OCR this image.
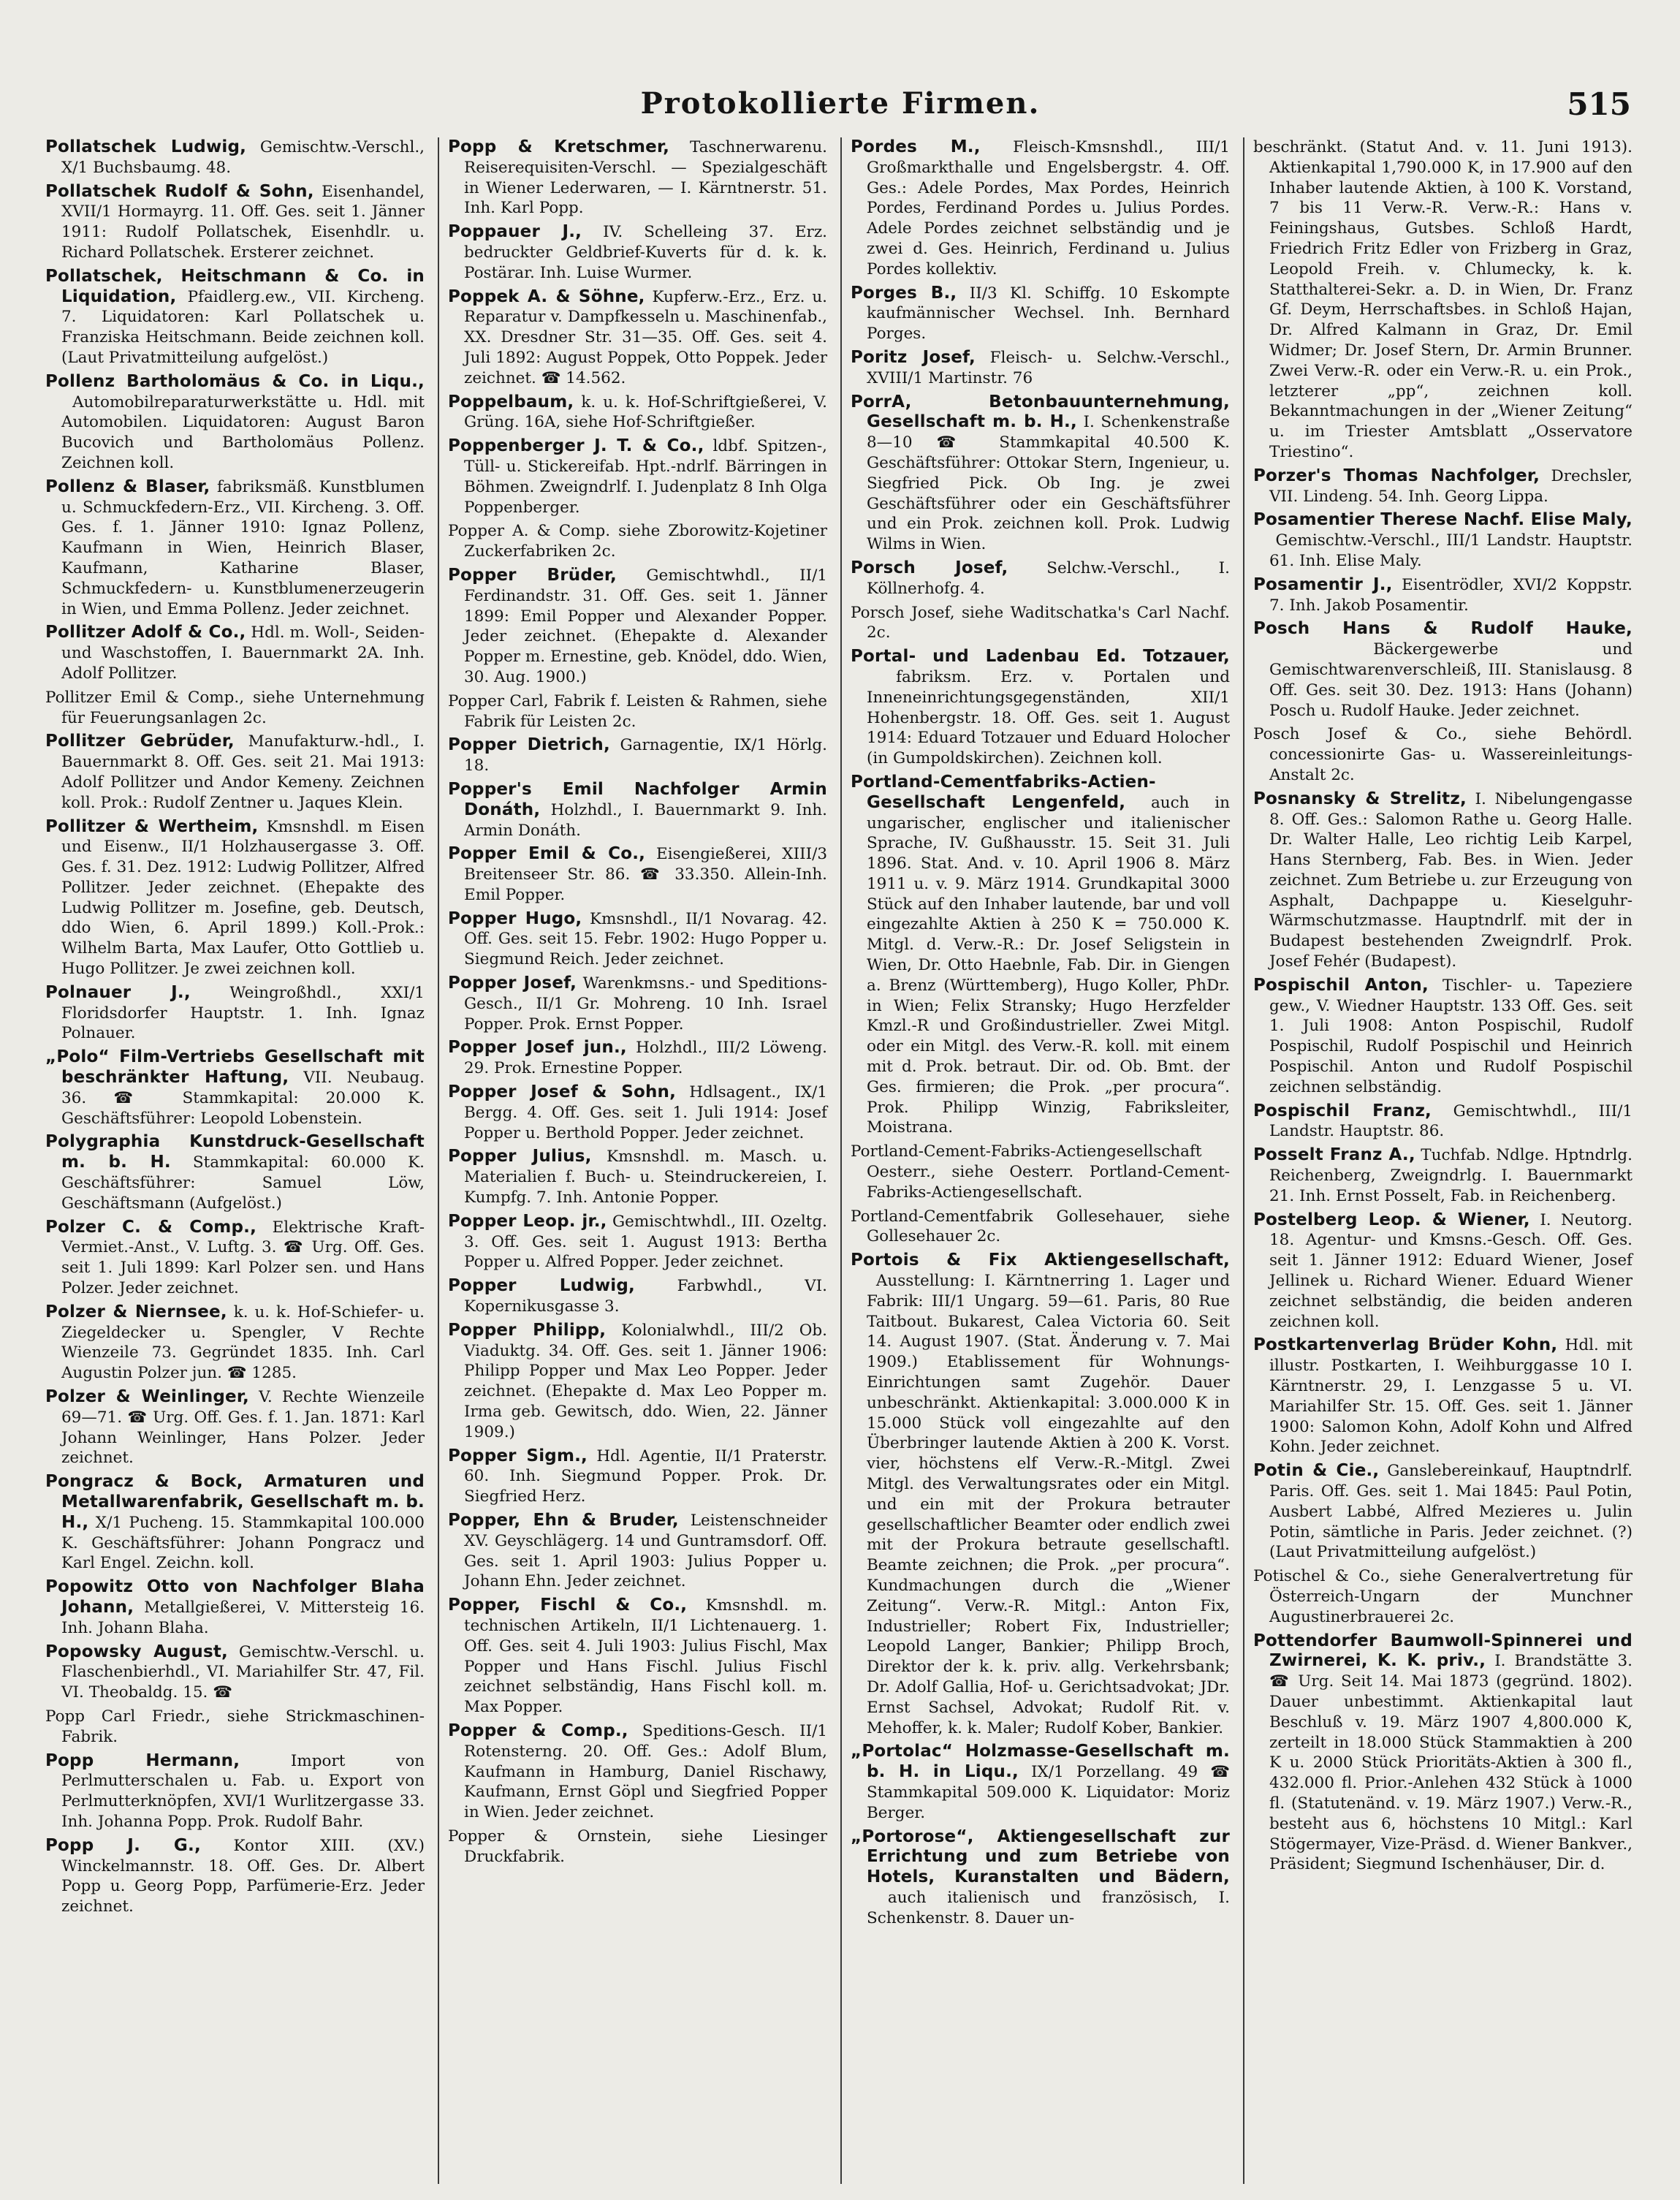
Protokollierte Firmen.	515

Pollatschek Ludwig, Gemischtw.-Verschl., X/1 Buchsbaumg. 48.

Pollatschek Rudolf & Sohn, Eisenhandel, XVII/1 Hormayrg. 11. Off. Ges. seit 1. Jänner 1911: Rudolf Pollatschek, Eisenhdlr. u. Richard Pollatschek. Ersterer zeichnet.

Pollatschek, Heitschmann & Co. in Liquidation, Pfaidlerg.ew., VII. Kircheng. 7. Liquidatoren: Karl Pollatschek u. Franziska Heitschmann. Beide zeichnen koll. (Laut Privatmitteilung aufgelöst.)

Pollenz Bartholomäus & Co. in Liqu., Automobilreparaturwerkstätte u. Hdl. mit Automobilen. Liquidatoren: August Baron Bucovich und Bartholomäus Pollenz. Zeichnen koll.

Pollenz & Blaser, fabriksmäß. Kunstblumen u. Schmuckfedern-Erz., VII. Kircheng. 3. Off. Ges. f. 1. Jänner 1910: Ignaz Pollenz, Kaufmann in Wien, Heinrich Blaser, Kaufmann, Katharine Blaser, Schmuckfedern- u. Kunstblumenerzeugerin in Wien, und Emma Pollenz. Jeder zeichnet.

Pollitzer Adolf & Co., Hdl. m. Woll-, Seiden- und Waschstoffen, I. Bauernmarkt 2A. Inh. Adolf Pollitzer.

Pollitzer Emil & Comp., siehe Unternehmung für Feuerungsanlagen 2c.

Pollitzer Gebrüder, Manufakturw.-hdl., I. Bauernmarkt 8. Off. Ges. seit 21. Mai 1913: Adolf Pollitzer und Andor Kemeny. Zeichnen koll. Prok.: Rudolf Zentner u. Jaques Klein.

Pollitzer & Wertheim, Kmsnshdl. m Eisen und Eisenw., II/1 Holzhausergasse 3. Off. Ges. f. 31. Dez. 1912: Ludwig Pollitzer, Alfred Pollitzer. Jeder zeichnet. (Ehepakte des Ludwig Pollitzer m. Josefine, geb. Deutsch, ddo Wien, 6. April 1899.) Koll.-Prok.: Wilhelm Barta, Max Laufer, Otto Gottlieb u. Hugo Pollitzer. Je zwei zeichnen koll.

Polnauer J., Weingroßhdl., XXI/1 Floridsdorfer Hauptstr. 1. Inh. Ignaz Polnauer.

„Polo“ Film-Vertriebs Gesellschaft mit beschränkter Haftung, VII. Neubaug. 36. ☎ Stammkapital: 20.000 K. Geschäftsführer: Leopold Lobenstein.

Polygraphia Kunstdruck-Gesellschaft m. b. H. Stammkapital: 60.000 K. Geschäftsführer: Samuel Löw, Geschäftsmann (Aufgelöst.)

Polzer C. & Comp., Elektrische Kraft-Vermiet.-Anst., V. Luftg. 3. ☎ Urg. Off. Ges. seit 1. Juli 1899: Karl Polzer sen. und Hans Polzer. Jeder zeichnet.

Polzer & Niernsee, k. u. k. Hof-Schiefer- u. Ziegeldecker u. Spengler, V Rechte Wienzeile 73. Gegründet 1835. Inh. Carl Augustin Polzer jun. ☎ 1285.

Polzer & Weinlinger, V. Rechte Wienzeile 69—71. ☎ Urg. Off. Ges. f. 1. Jan. 1871: Karl Johann Weinlinger, Hans Polzer. Jeder zeichnet.

Pongracz & Bock, Armaturen und Metallwarenfabrik, Gesellschaft m. b. H., X/1 Pucheng. 15. Stammkapital 100.000 K. Geschäftsführer: Johann Pongracz und Karl Engel. Zeichn. koll.

Popowitz Otto von Nachfolger Blaha Johann, Metallgießerei, V. Mittersteig 16. Inh. Johann Blaha.

Popowsky August, Gemischtw.-Verschl. u. Flaschenbierhdl., VI. Mariahilfer Str. 47, Fil. VI. Theobaldg. 15. ☎

Popp Carl Friedr., siehe Strickmaschinen-Fabrik.

Popp Hermann,	Import von Perlmutterschalen u. Fab. u. Export von Perlmutterknöpfen, XVI/1 Wurlitzergasse 33. Inh. Johanna Popp. Prok. Rudolf Bahr.

Popp J. G., Kontor XIII. (XV.) Winckelmannstr. 18. Off. Ges. Dr. Albert Popp u. Georg Popp, Parfümerie-Erz. Jeder zeichnet.

Popp & Kretschmer, Taschnerwarenu. Reiserequisiten-Verschl. — Spezialgeschäft in Wiener Lederwaren, — I. Kärntnerstr. 51. Inh. Karl Popp.

Poppauer J., IV. Schelleing 37. Erz. bedruckter Geldbrief-Kuverts für d. k. k. Postärar. Inh. Luise Wurmer.

Poppek A. & Söhne, Kupferw.-Erz., Erz. u. Reparatur v. Dampfkesseln u. Maschinenfab., XX. Dresdner Str. 31—35. Off. Ges. seit 4. Juli 1892: August Poppek, Otto Poppek. Jeder zeichnet. ☎ 14.562.

Poppelbaum, k. u. k. Hof-Schriftgießerei, V. Grüng. 16A, siehe Hof-Schriftgießer.

Poppenberger J. T. & Co., ldbf. Spitzen-, Tüll- u. Stickereifab. Hpt.-ndrlf. Bärringen in Böhmen. Zweigndrlf. I. Judenplatz 8 Inh Olga Poppenberger.

Popper A. & Comp. siehe Zborowitz-Kojetiner Zuckerfabriken 2c.

Popper Brüder, Gemischtwhdl., II/1 Ferdinandstr. 31. Off. Ges. seit 1. Jänner 1899: Emil Popper und Alexander Popper. Jeder zeichnet. (Ehepakte d. Alexander Popper m. Ernestine, geb. Knödel, ddo. Wien, 30. Aug. 1900.)

Popper Carl, Fabrik f. Leisten & Rahmen, siehe Fabrik für Leisten 2c.

Popper Dietrich, Garnagentie, IX/1 Hörlg. 18.

Popper's Emil Nachfolger Armin Donáth, Holzhdl., I. Bauernmarkt 9. Inh. Armin Donáth.

Popper Emil & Co., Eisengießerei, XIII/3 Breitenseer Str. 86. ☎ 33.350. Allein-Inh. Emil Popper.

Popper Hugo, Kmsnshdl., II/1 Novarag. 42. Off. Ges. seit 15. Febr. 1902: Hugo Popper u. Siegmund Reich. Jeder zeichnet.

Popper Josef, Warenkmsns.- und Speditions-Gesch., II/1 Gr. Mohreng. 10 Inh. Israel Popper. Prok. Ernst Popper.

Popper Josef jun., Holzhdl., III/2 Löweng. 29. Prok. Ernestine Popper.

Popper Josef & Sohn, Hdlsagent., IX/1 Bergg. 4. Off. Ges. seit 1. Juli 1914: Josef Popper u. Berthold Popper. Jeder zeichnet.

Popper Julius, Kmsnshdl. m. Masch. u. Materialien f. Buch- u. Steindruckereien, I. Kumpfg. 7. Inh. Antonie Popper.

Popper Leop. jr., Gemischtwhdl., III. Ozeltg. 3. Off. Ges. seit 1. August 1913: Bertha Popper u. Alfred Popper. Jeder zeichnet.

Popper Ludwig,	Farbwhdl., VI. Kopernikusgasse 3.

Popper Philipp, Kolonialwhdl., III/2 Ob. Viaduktg. 34. Off. Ges. seit 1. Jänner 1906: Philipp Popper und Max Leo Popper. Jeder zeichnet. (Ehepakte d. Max Leo Popper m. Irma geb. Gewitsch, ddo. Wien, 22. Jänner 1909.)

Popper Sigm., Hdl. Agentie, II/1 Praterstr. 60. Inh. Siegmund Popper. Prok. Dr. Siegfried Herz.

Popper, Ehn & Bruder, Leistenschneider XV. Geyschlägerg. 14 und Guntramsdorf. Off. Ges. seit 1. April 1903: Julius Popper u. Johann Ehn. Jeder zeichnet.

Popper, Fischl & Co., Kmsnshdl. m. technischen Artikeln, II/1 Lichtenauerg. 1. Off. Ges. seit 4. Juli 1903: Julius Fischl, Max Popper und Hans Fischl. Julius Fischl zeichnet selbständig, Hans Fischl koll. m. Max Popper.

Popper & Comp., Speditions-Gesch. II/1 Rotensterng. 20. Off. Ges.: Adolf Blum, Kaufmann in Hamburg, Daniel Rischawy, Kaufmann, Ernst Göpl und Siegfried Popper in Wien. Jeder zeichnet.

Popper & Ornstein, siehe Liesinger Druckfabrik.

Pordes M., Fleisch-Kmsnshdl., III/1 Großmarkthalle und Engelsbergstr. 4. Off. Ges.: Adele Pordes, Max Pordes, Heinrich Pordes, Ferdinand Pordes u. Julius Pordes. Adele Pordes zeichnet selbständig und je zwei d. Ges. Heinrich, Ferdinand u. Julius Pordes kollektiv.

Porges B., II/3 Kl. Schiffg. 10 Eskompte kaufmännischer Wechsel. Inh. Bernhard Porges.

Poritz Josef, Fleisch- u. Selchw.-Verschl., XVIII/1 Martinstr. 76

PorrA, Betonbauunternehmung, Gesellschaft m. b. H., I. Schenkenstraße 8—10 ☎ Stammkapital 40.500 K. Geschäftsführer: Ottokar Stern, Ingenieur, u. Siegfried Pick. Ob Ing. je zwei Geschäftsführer oder ein Geschäftsführer und ein Prok. zeichnen koll. Prok. Ludwig Wilms in Wien.

Porsch Josef, Selchw.-Verschl., I. Köllnerhofg. 4.

Porsch Josef, siehe Waditschatka's Carl Nachf. 2c.

Portal- und Ladenbau Ed. Totzauer, fabriksm. Erz. v. Portalen und Inneneinrichtungsgegenständen, XII/1 Hohenbergstr. 18. Off. Ges. seit 1. August 1914: Eduard Totzauer und Eduard Holocher (in Gumpoldskirchen). Zeichnen koll.

Portland-Cementfabriks-Actien-Gesellschaft Lengenfeld, auch in ungarischer, englischer und italienischer Sprache, IV. Gußhausstr. 15. Seit 31. Juli 1896. Stat. And. v. 10. April 1906 8. März 1911 u. v. 9. März 1914. Grundkapital 3000 Stück auf den Inhaber lautende, bar und voll eingezahlte Aktien à 250 K = 750.000 K. Mitgl. d. Verw.-R.: Dr. Josef Seligstein in Wien, Dr. Otto Haebnle, Fab. Dir. in Giengen a. Brenz (Württemberg), Hugo Koller, PhDr. in Wien; Felix Stransky; Hugo Herzfelder Kmzl.-R und Großindustrieller. Zwei Mitgl. oder ein Mitgl. des Verw.-R. koll. mit einem mit d. Prok. betraut. Dir. od. Ob. Bmt. der Ges. firmieren; die Prok. „per procura“. Prok. Philipp Winzig, Fabriksleiter, Moistrana.

Portland-Cement-Fabriks-Actiengesellschaft Oesterr., siehe Oesterr. Portland-Cement-Fabriks-Actiengesellschaft.

Portland-Cementfabrik Gollesehauer, siehe Gollesehauer 2c.

Portois & Fix Aktiengesellschaft, Ausstellung: I. Kärntnerring 1. Lager und Fabrik: III/1 Ungarg. 59—61. Paris, 80 Rue Taitbout. Bukarest, Calea Victoria 60. Seit 14. August 1907. (Stat. Änderung v. 7. Mai 1909.) Etablissement für Wohnungs-Einrichtungen samt Zugehör. Dauer unbeschränkt. Aktienkapital: 3.000.000 K in 15.000 Stück voll eingezahlte auf den Überbringer lautende Aktien à 200 K. Vorst. vier, höchstens elf Verw.-R.-Mitgl. Zwei Mitgl. des Verwaltungsrates oder ein Mitgl. und ein mit der Prokura betrauter gesellschaftlicher Beamter oder endlich zwei mit der Prokura betraute gesellschaftl. Beamte zeichnen; die Prok. „per procura“. Kundmachungen durch die „Wiener Zeitung“. Verw.-R. Mitgl.: Anton Fix, Industrieller; Robert Fix, Industrieller; Leopold Langer, Bankier; Philipp Broch, Direktor der k. k. priv. allg. Verkehrsbank; Dr. Adolf Gallia, Hof- u. Gerichtsadvokat; JDr. Ernst Sachsel, Advokat; Rudolf Rit. v. Mehoffer, k. k. Maler; Rudolf Kober, Bankier.

„Portolac“ Holzmasse-Gesellschaft m. b. H. in Liqu., IX/1 Porzellang. 49 ☎ Stammkapital 509.000 K. Liquidator: Moriz Berger.

„Portorose“, Aktiengesellschaft zur Errichtung und zum Betriebe von Hotels, Kuranstalten und Bädern, auch italienisch und französisch, I. Schenkenstr. 8. Dauer un-

beschränkt. (Statut And. v. 11. Juni 1913). Aktienkapital 1,790.000 K, in 17.900 auf den Inhaber lautende Aktien, à 100 K. Vorstand, 7 bis 11 Verw.-R. Verw.-R.: Hans v. Feiningshaus, Gutsbes. Schloß Hardt, Friedrich Fritz Edler von Frizberg in Graz, Leopold Freih. v. Chlumecky, k. k. Statthalterei-Sekr. a. D. in Wien, Dr. Franz Gf. Deym, Herrschaftsbes. in Schloß Hajan, Dr. Alfred Kalmann in Graz, Dr. Emil Widmer; Dr. Josef Stern, Dr. Armin Brunner. Zwei Verw.-R. oder ein Verw.-R. u. ein Prok., letzterer „pp“, zeichnen koll. Bekanntmachungen in der „Wiener Zeitung“ u. im Triester Amtsblatt „Osservatore Triestino“.

Porzer's Thomas Nachfolger, Drechsler, VII. Lindeng. 54. Inh. Georg Lippa.

Posamentier Therese Nachf. Elise Maly, Gemischtw.-Verschl., III/1 Landstr. Hauptstr. 61. Inh. Elise Maly.

Posamentir J., Eisentrödler, XVI/2 Koppstr. 7. Inh. Jakob Posamentir.

Posch Hans & Rudolf Hauke, Bäckergewerbe und Gemischtwarenverschleiß, III. Stanislausg. 8 Off. Ges. seit 30. Dez. 1913: Hans (Johann) Posch u. Rudolf Hauke. Jeder zeichnet.

Posch Josef & Co., siehe Behördl. concessionirte Gas- u. Wassereinleitungs-Anstalt 2c.

Posnansky & Strelitz, I. Nibelungengasse 8. Off. Ges.: Salomon Rathe u. Georg Halle. Dr. Walter Halle, Leo richtig Leib Karpel, Hans Sternberg, Fab. Bes. in Wien. Jeder zeichnet. Zum Betriebe u. zur Erzeugung von Asphalt, Dachpappe u. Kieselguhr-Wärmschutzmasse. Hauptndrlf. mit der in Budapest bestehenden Zweigndrlf. Prok. Josef Fehér (Budapest).

Pospischil Anton, Tischler- u. Tapeziere gew., V. Wiedner Hauptstr. 133 Off. Ges. seit 1. Juli 1908: Anton Pospischil, Rudolf Pospischil, Rudolf Pospischil und Heinrich Pospischil. Anton und Rudolf Pospischil zeichnen selbständig.

Pospischil Franz, Gemischtwhdl., III/1 Landstr. Hauptstr. 86.

Posselt Franz A., Tuchfab. Ndlge. Hptndrlg. Reichenberg, Zweigndrlg. I. Bauernmarkt 21. Inh. Ernst Posselt, Fab. in Reichenberg.

Postelberg Leop. & Wiener, I. Neutorg. 18. Agentur- und Kmsns.-Gesch. Off. Ges. seit 1. Jänner 1912: Eduard Wiener, Josef Jellinek u. Richard Wiener. Eduard Wiener zeichnet selbständig, die beiden anderen zeichnen koll.

Postkartenverlag Brüder Kohn, Hdl. mit illustr. Postkarten, I. Weihburggasse 10 I. Kärntnerstr. 29, I. Lenzgasse 5 u. VI. Mariahilfer Str. 15. Off. Ges. seit 1. Jänner 1900: Salomon Kohn, Adolf Kohn und Alfred Kohn. Jeder zeichnet.

Potin & Cie., Ganslebereinkauf, Hauptndrlf. Paris. Off. Ges. seit 1. Mai 1845: Paul Potin, Ausbert Labbé, Alfred Mezieres u. Julin Potin, sämtliche in Paris. Jeder zeichnet. (?) (Laut Privatmitteilung aufgelöst.)

Potischel & Co., siehe Generalvertretung für Österreich-Ungarn der Munchner Augustinerbrauerei 2c.

Pottendorfer Baumwoll-Spinnerei und Zwirnerei, K. K. priv., I. Brandstätte 3. ☎ Urg. Seit 14. Mai 1873 (gegründ. 1802). Dauer unbestimmt. Aktienkapital laut Beschluß v. 19. März 1907 4,800.000 K, zerteilt in 18.000 Stück Stammaktien à 200 K u. 2000 Stück Prioritäts-Aktien à 300 fl., 432.000 fl. Prior.-Anlehen 432 Stück à 1000 fl. (Statutenänd. v. 19. März 1907.) Verw.-R., besteht aus 6, höchstens 10 Mitgl.: Karl Stögermayer, Vize-Präsd. d. Wiener Bankver., Präsident; Siegmund Ischenhäuser, Dir. d.
